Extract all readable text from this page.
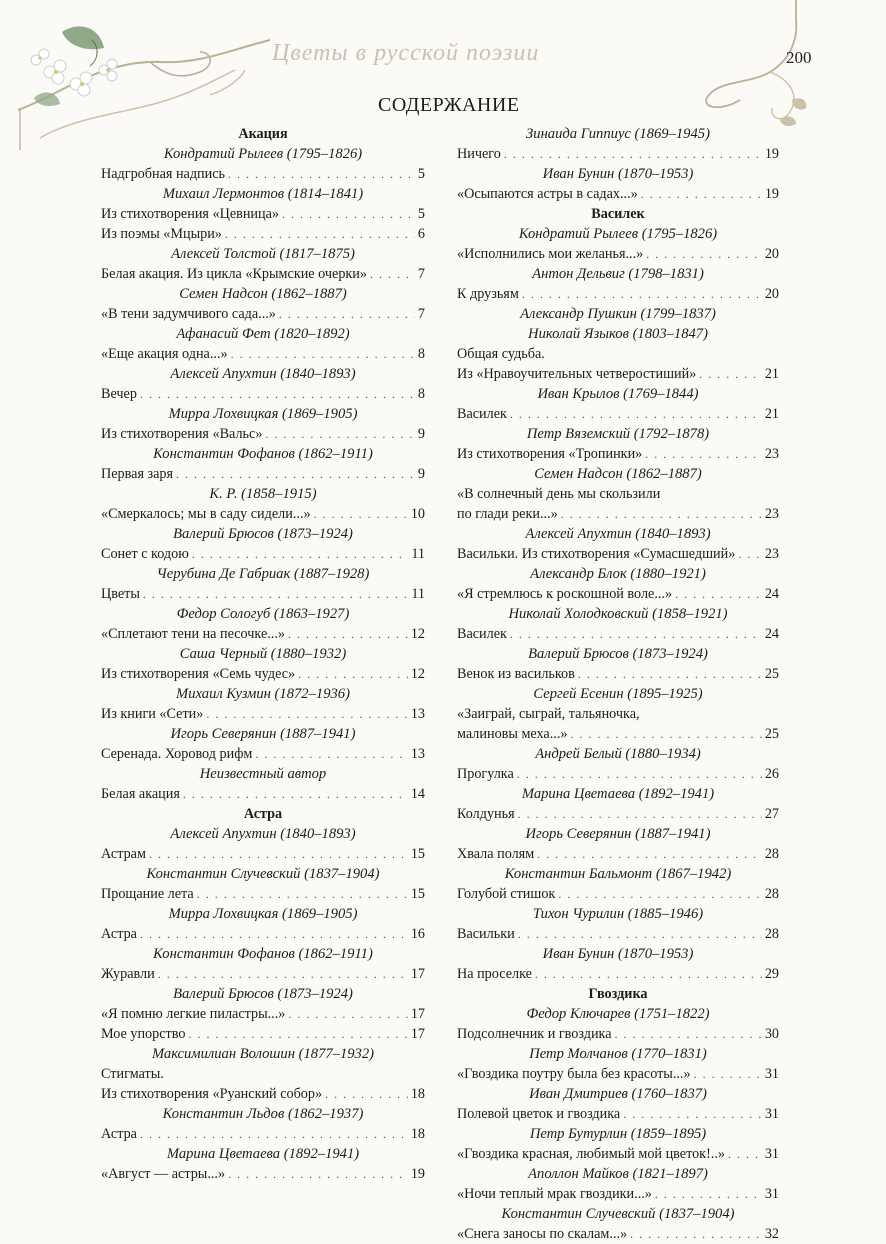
Цветы в русской поэзии	200
СОДЕРЖАНИЕ
Акация
Кондратий Рылеев (1795–1826)
Надгробная надпись . . .	5
Михаил Лермонтов (1814–1841)
Из стихотворения «Цевница» . . .	5
Из поэмы «Мцыри» . . .	6
Алексей Толстой (1817–1875)
Белая акация. Из цикла «Крымские очерки» . . .	7
Семен Надсон (1862–1887)
«В тени задумчивого сада...» . . .	7
Афанасий Фет (1820–1892)
«Еще акация одна...» . . .	8
Алексей Апухтин (1840–1893)
Вечер . . .	8
Мирра Лохвицкая (1869–1905)
Из стихотворения «Вальс» . . .	9
Константин Фофанов (1862–1911)
Первая заря . . .	9
К. Р. (1858–1915)
«Смеркалось; мы в саду сидели...» . . .	10
Валерий Брюсов (1873–1924)
Сонет с кодою . . .	11
Черубина Де Габриак (1887–1928)
Цветы . . .	11
Федор Сологуб (1863–1927)
«Сплетают тени на песочке...» . . .	12
Саша Черный (1880–1932)
Из стихотворения «Семь чудес» . . .	12
Михаил Кузмин (1872–1936)
Из книги «Сети» . . .	13
Игорь Северянин (1887–1941)
Серенада. Хоровод рифм . . .	13
Неизвестный автор
Белая акация . . .	14
Астра
Алексей Апухтин (1840–1893)
Астрам . . .	15
Константин Случевский (1837–1904)
Прощание лета . . .	15
Мирра Лохвицкая (1869–1905)
Астра . . .	16
Константин Фофанов (1862–1911)
Журавли . . .	17
Валерий Брюсов (1873–1924)
«Я помню легкие пиластры...» . . .	17
Мое упорство . . .	17
Максимилиан Волошин (1877–1932)
Стигматы.
Из стихотворения «Руанский собор» . . .	18
Константин Льдов (1862–1937)
Астра . . .	18
Марина Цветаева (1892–1941)
«Август — астры...» . . .	19
Зинаида Гиппиус (1869–1945)
Ничего . . .	19
Иван Бунин (1870–1953)
«Осыпаются астры в садах...» . . .	19
Василек
Кондратий Рылеев (1795–1826)
«Исполнились мои желанья...» . . .	20
Антон Дельвиг (1798–1831)
К друзьям . . .	20
Александр Пушкин (1799–1837)
Николай Языков (1803–1847)
Общая судьба.
Из «Нравоучительных четверостиший» . . .	21
Иван Крылов (1769–1844)
Василек . . .	21
Петр Вяземский (1792–1878)
Из стихотворения «Тропинки» . . .	23
Семен Надсон (1862–1887)
«В солнечный день мы скользили
по глади реки...» . . .	23
Алексей Апухтин (1840–1893)
Васильки. Из стихотворения «Сумасшедший» . . . 23
Александр Блок (1880–1921)
«Я стремлюсь к роскошной воле...» . . .	24
Николай Холодковский (1858–1921)
Василек . . .	24
Валерий Брюсов (1873–1924)
Венок из васильков . . .	25
Сергей Есенин (1895–1925)
«Заиграй, сыграй, тальяночка,
малиновы меха...» . . .	25
Андрей Белый (1880–1934)
Прогулка . . .	26
Марина Цветаева (1892–1941)
Колдунья . . .	27
Игорь Северянин (1887–1941)
Хвала полям . . .	28
Константин Бальмонт (1867–1942)
Голубой стишок . . .	28
Тихон Чурилин (1885–1946)
Васильки . . .	28
Иван Бунин (1870–1953)
На проселке . . .	29
Гвоздика
Федор Ключарев (1751–1822)
Подсолнечник и гвоздика . . .	30
Петр Молчанов (1770–1831)
«Гвоздика поутру была без красоты...» . . .	31
Иван Дмитриев (1760–1837)
Полевой цветок и гвоздика . . .	31
Петр Бутурлин (1859–1895)
«Гвоздика красная, любимый мой цветок!..» . . .	31
Аполлон Майков (1821–1897)
«Ночи теплый мрак гвоздики...» . . .	31
Константин Случевский (1837–1904)
«Снега заносы по скалам...» . . .	32
